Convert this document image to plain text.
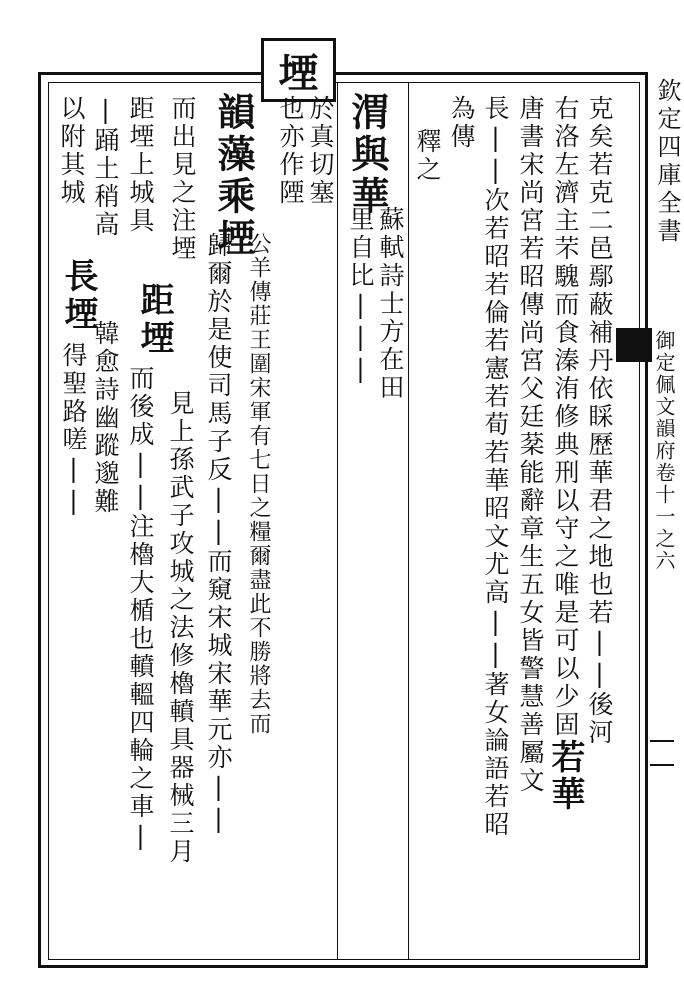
欽定四庫全書
御定佩文韻府卷十一之六
堙
克矣若克二邑鄢蔽補丹依睬歷華君之地也若||後河
右洛左濟主芣騩而食溱洧修典刑以守之唯是可以少固若華
唐書宋尚宮若昭傳尚宮父廷棻能辭章生五女皆警慧善屬文
長||次若昭若倫若憲若荀若華昭文尤高||著女論語若昭
為傳
釋之
渭與華
蘇軾詩士方在田
里自比|||
於真切塞
也亦作陻
韻藻乘堙
公羊傳莊王圍宋軍有七日之糧爾盡此不勝將去而
歸爾於是使司馬子反||而窺宋城宋華元亦||
而出見之注堙
距堙
見上孫武子攻城之法修櫓轒具器械三月
距堙上城具
而後成||注櫓大楯也轒轀四輪之車|
|踊土稍高
長堙
韓愈詩幽蹤邈難
以附其城
得聖路嗟||
